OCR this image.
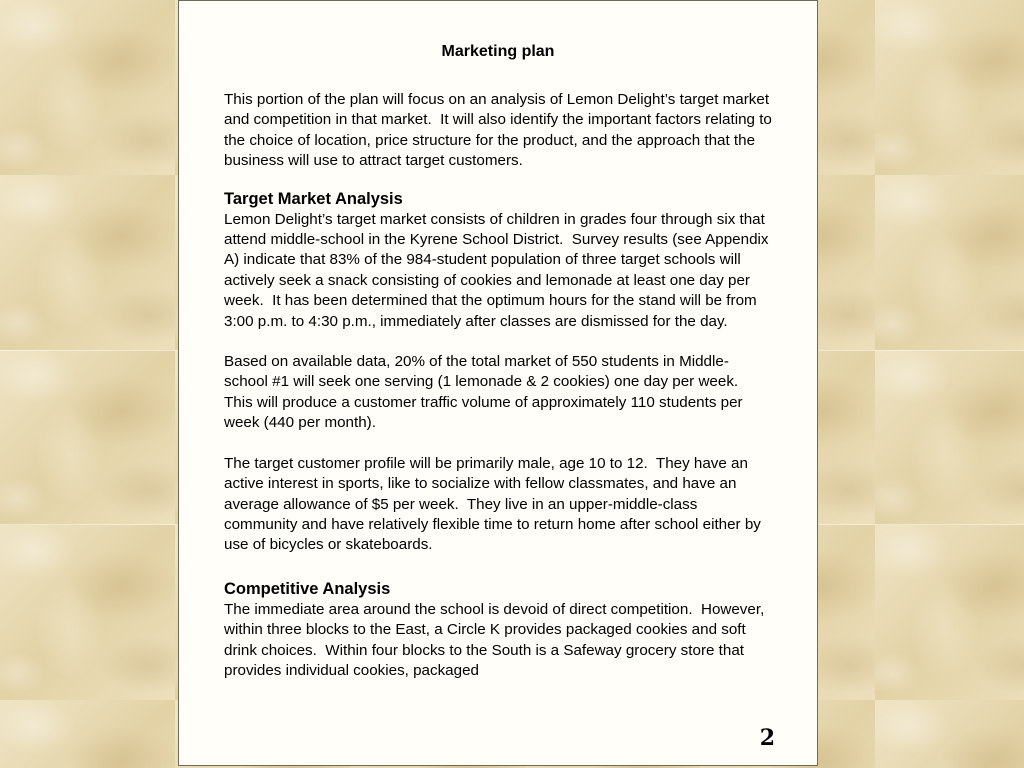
Marketing plan

This portion of the plan will focus on an analysis of Lemon Delight’s target market and competition in that market.  It will also identify the important factors relating to the choice of location, price structure for the product, and the approach that the business will use to attract target customers.

Target Market Analysis

Lemon Delight’s target market consists of children in grades four through six that attend middle-school in the Kyrene School District.  Survey results (see Appendix A) indicate that 83% of the 984-student population of three target schools will actively seek a snack consisting of cookies and lemonade at least one day per week.  It has been determined that the optimum hours for the stand will be from 3:00 p.m. to 4:30 p.m., immediately after classes are dismissed for the day.

Based on available data, 20% of the total market of 550 students in Middle-school #1 will seek one serving (1 lemonade & 2 cookies) one day per week.  This will produce a customer traffic volume of approximately 110 students per week (440 per month).

The target customer profile will be primarily male, age 10 to 12.  They have an active interest in sports, like to socialize with fellow classmates, and have an average allowance of $5 per week.  They live in an upper-middle-class community and have relatively flexible time to return home after school either by use of bicycles or skateboards.

Competitive Analysis

The immediate area around the school is devoid of direct competition.  However, within three blocks to the East, a Circle K provides packaged cookies and soft drink choices.  Within four blocks to the South is a Safeway grocery store that provides individual cookies, packaged

2
